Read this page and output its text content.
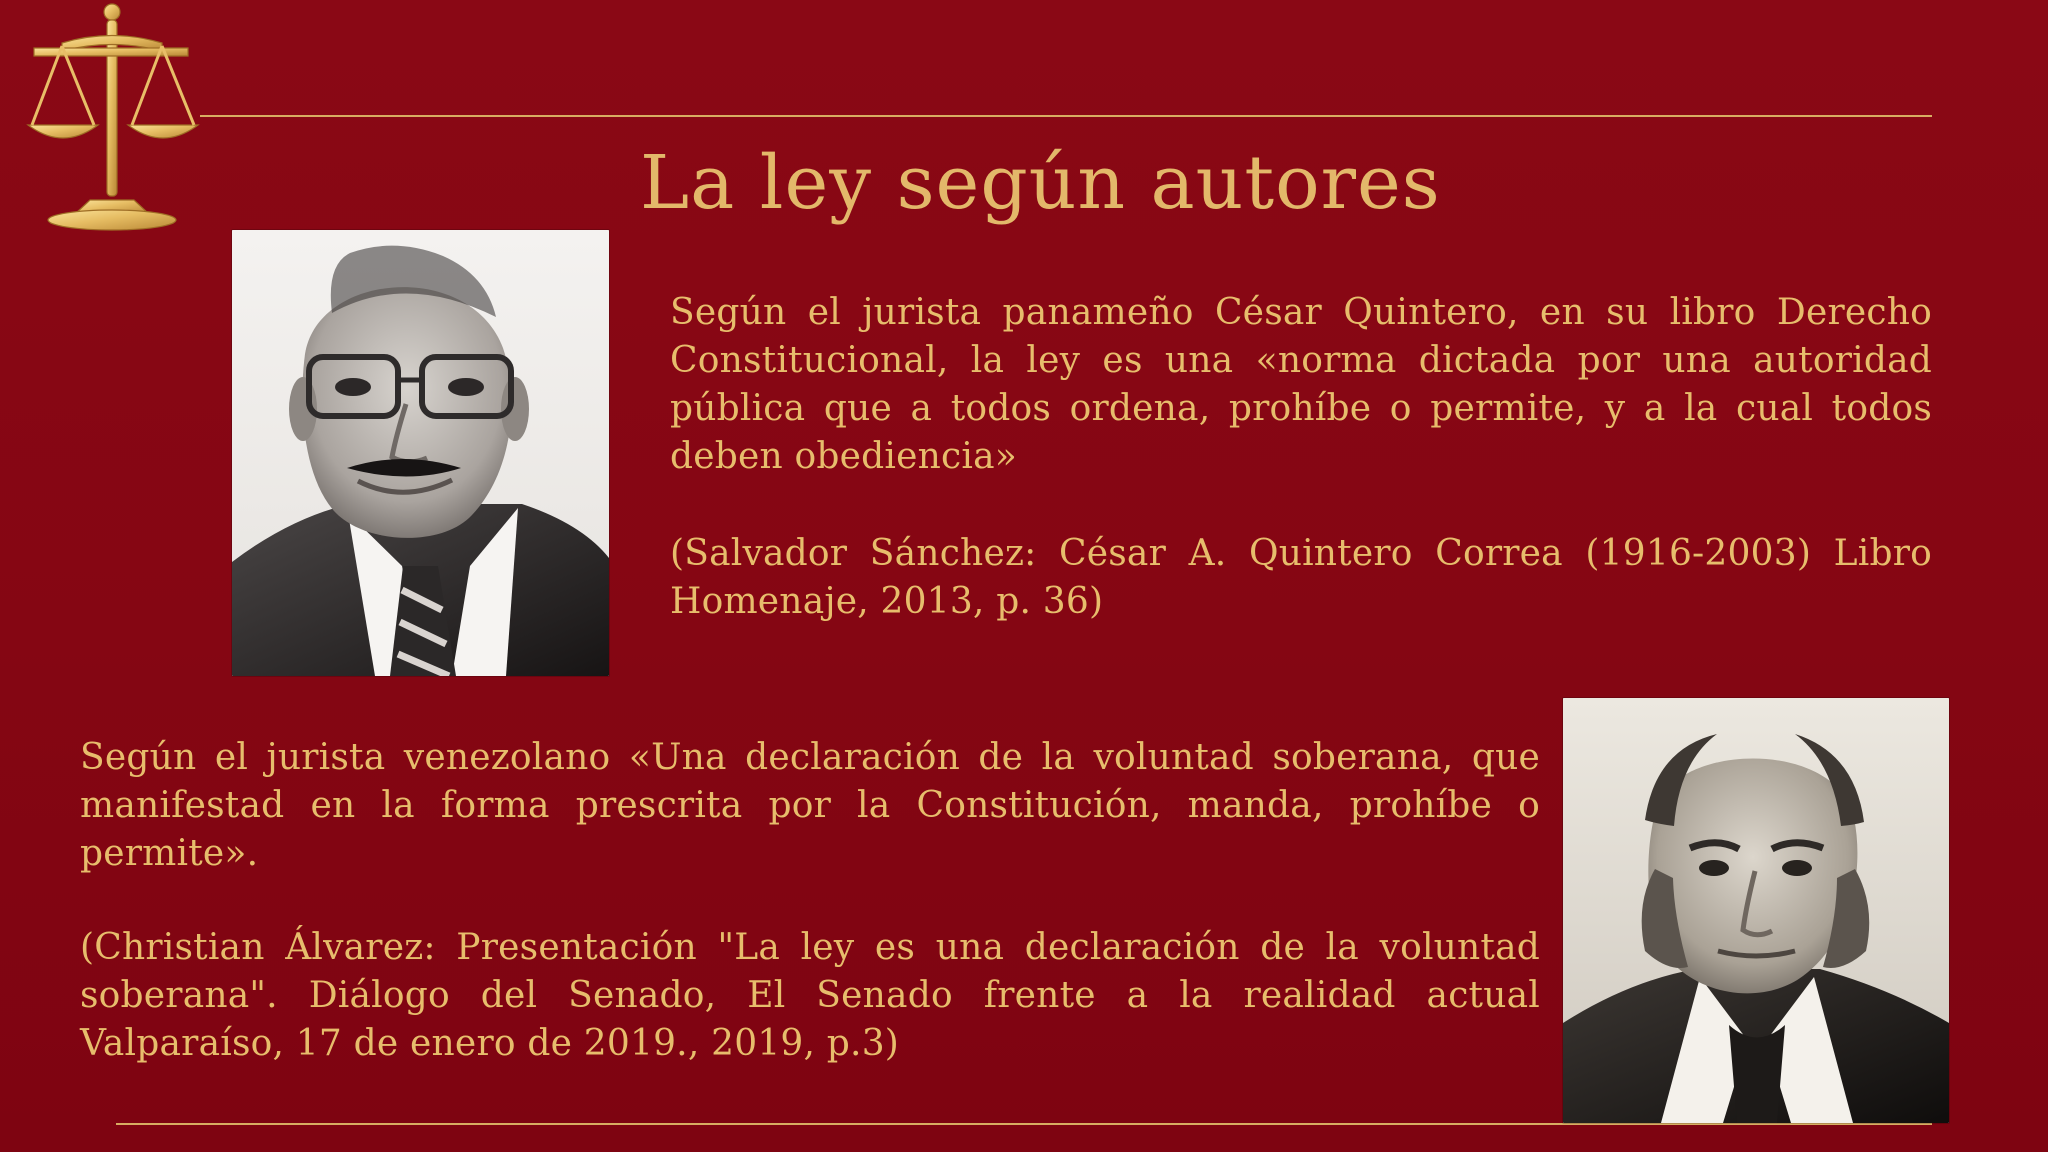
La ley según autores

Según el jurista panameño César Quintero, en su libro Derecho Constitucional, la ley es una «norma dictada por una autoridad pública que a todos ordena, prohíbe o permite, y a la cual todos deben obediencia»

(Salvador Sánchez: César A. Quintero Correa (1916-2003) Libro Homenaje, 2013, p. 36)

Según el jurista venezolano «Una declaración de la voluntad soberana, que manifestad en la forma prescrita por la Constitución, manda, prohíbe o permite».

(Christian Álvarez: Presentación "La ley es una declaración de la voluntad soberana". Diálogo del Senado, El Senado frente a la realidad actual Valparaíso, 17 de enero de 2019., 2019, p.3)
